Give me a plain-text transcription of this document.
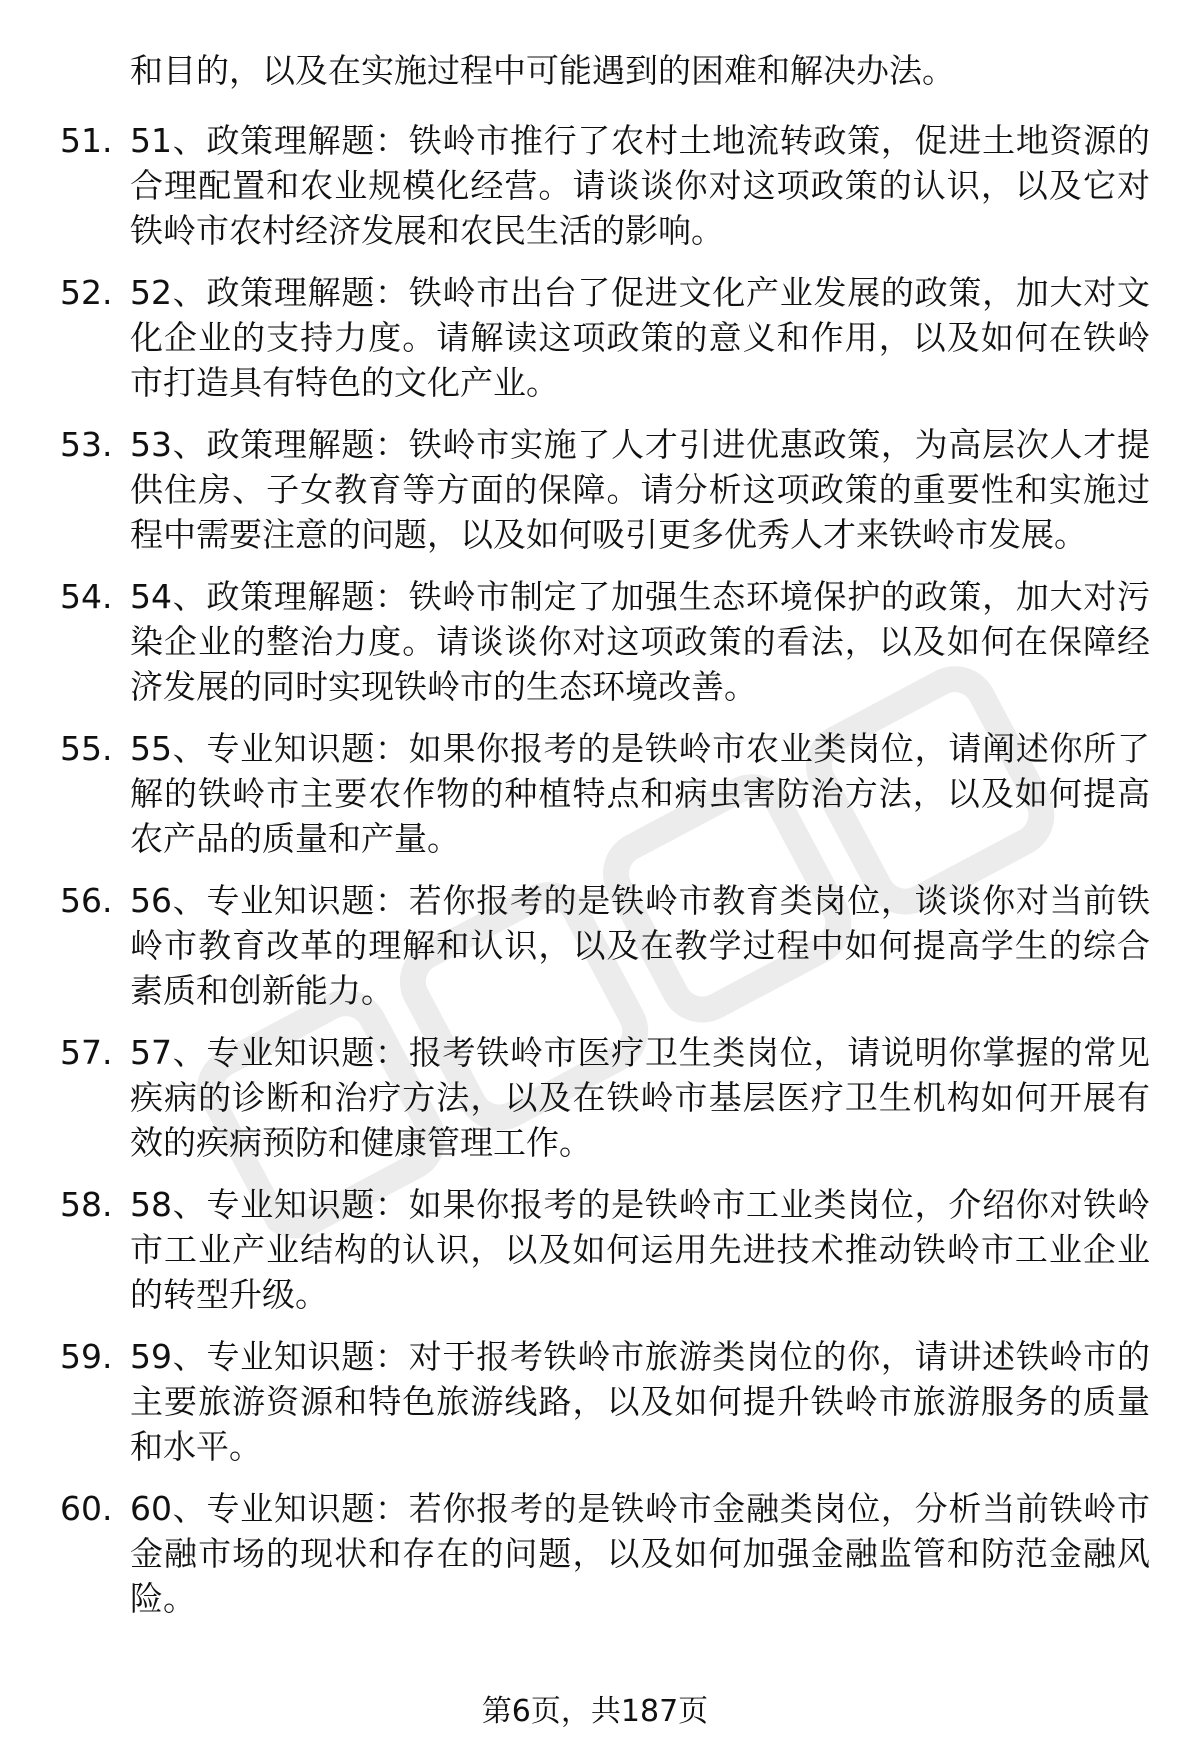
和目的，以及在实施过程中可能遇到的困难和解决办法。
51. 51、政策理解题：铁岭市推行了农村土地流转政策，促进土地资源的合理配置和农业规模化经营。请谈谈你对这项政策的认识，以及它对铁岭市农村经济发展和农民生活的影响。
52. 52、政策理解题：铁岭市出台了促进文化产业发展的政策，加大对文化企业的支持力度。请解读这项政策的意义和作用，以及如何在铁岭市打造具有特色的文化产业。
53. 53、政策理解题：铁岭市实施了人才引进优惠政策，为高层次人才提供住房、子女教育等方面的保障。请分析这项政策的重要性和实施过程中需要注意的问题，以及如何吸引更多优秀人才来铁岭市发展。
54. 54、政策理解题：铁岭市制定了加强生态环境保护的政策，加大对污染企业的整治力度。请谈谈你对这项政策的看法，以及如何在保障经济发展的同时实现铁岭市的生态环境改善。
55. 55、专业知识题：如果你报考的是铁岭市农业类岗位，请阐述你所了解的铁岭市主要农作物的种植特点和病虫害防治方法，以及如何提高农产品的质量和产量。
56. 56、专业知识题：若你报考的是铁岭市教育类岗位，谈谈你对当前铁岭市教育改革的理解和认识，以及在教学过程中如何提高学生的综合素质和创新能力。
57. 57、专业知识题：报考铁岭市医疗卫生类岗位，请说明你掌握的常见疾病的诊断和治疗方法，以及在铁岭市基层医疗卫生机构如何开展有效的疾病预防和健康管理工作。
58. 58、专业知识题：如果你报考的是铁岭市工业类岗位，介绍你对铁岭市工业产业结构的认识，以及如何运用先进技术推动铁岭市工业企业的转型升级。
59. 59、专业知识题：对于报考铁岭市旅游类岗位的你，请讲述铁岭市的主要旅游资源和特色旅游线路，以及如何提升铁岭市旅游服务的质量和水平。
60. 60、专业知识题：若你报考的是铁岭市金融类岗位，分析当前铁岭市金融市场的现状和存在的问题，以及如何加强金融监管和防范金融风险。
第6页，共187页
